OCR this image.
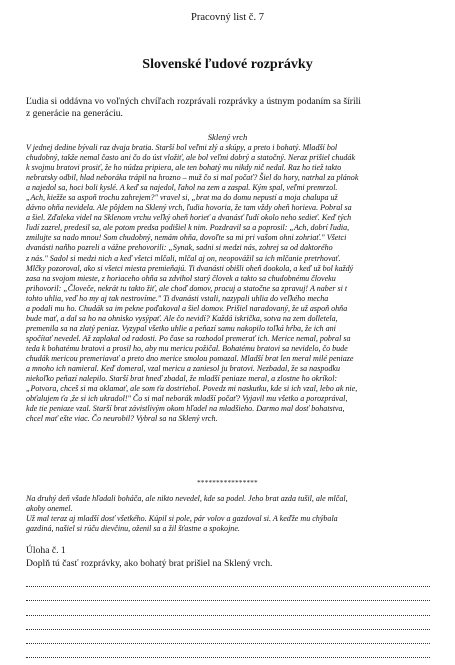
Pracovný list č. 7
Slovenské ľudové rozprávky
Ľudia si oddávna vo voľných chvíľach rozprávali rozprávky a ústnym podaním sa šírili
z generácie na generáciu.
Sklený vrch
V jednej dedine bývali raz dvaja bratia. Starší bol veľmi zlý a skúpy, a preto i bohatý. Mladší bol
chudobný, takže nemal často ani čo do úst vložiť, ale bol veľmi dobrý a statočný. Neraz prišiel chudák
k svojmu bratovi prosiť, že ho núdza pripiera, ale ten bohatý mu nikdy nič nedal. Raz ho tiež takto
nebratsky odbil, hlad neboráka trápil na hrozno – muž čo si mal počať? Šiel do hory, natrhal za plánok
a najedol sa, hoci boli kyslé. A keď sa najedol, ľahol na zem a zaspal. Kým spal, veľmi premrzol.
„Ach, kiežže sa aspoň trochu zahrejem?" vravel si, „brat ma do domu nepustí a moja chalupa už
dávno ohňa nevidela. Ale pôjdem na Sklený vrch, ľudia hovoria, že tam vždy oheň horieva. Pobral sa
a šiel. Zďaleka videl na Sklenom vrchu veľký oheň horieť a dvanásť ľudí okolo neho sedieť. Keď tých
ľudí zazrel, predesil sa, ale potom predsa podišiel k nim. Pozdravil sa a poprosil: „Ach, dobrí ľudia,
zmilujte sa nado mnou! Som chudobný, nemám ohňa, dovoľte sa mi pri vašom ohni zohriať." Všetci
dvanásti naňho pozreli a vážne prehovorili: „Synak, sadni si medzi nás, zohrej sa od daktorého
z nás." Sadol si medzi nich a keď všetci mlčali, mlčal aj on, neopovážil sa ich mlčanie pretrhovať.
Mlčky pozoroval, ako si všetci miesta premieňajú. Ti dvanásti obišli oheň dookola, a keď už bol každý
zasa na svojom mieste, z horiaceho ohňa sa zdvihol starý človek a takto sa chudobnému človeku
prihovoril: „Človeče, nekrát tu takto žiť, ale choď domov, pracuj a statočne sa zpravuj! A naber si t
tohto uhlia, veď ho my aj tak nestrovíme." Ti dvanásti vstali, nazypali uhlia do veľkého mecha
a podali mu ho. Chudák sa im pekne poďakoval a šiel domov. Prišiel naradovaný, že už aspoň ohňa
bude mať, a dal sa ho na ohnisko vysýpať. Ale čo nevidí? Každá iskrička, sotva na zem dolletela,
premenila sa na zlatý peniaz. Vyzypal všetko uhlie a peňazí samu nakopilo toľká hŕba, že ich ani
spočítať nevedel. Až zaplakal od radosti. Po čase sa rozhodol premerať ich. Merice nemal, pobral sa
teda k bohatému bratovi a prosil ho, aby mu mericu požičal. Bohatému bratovi sa nevidelo, čo bude
chudák mericou premeriavať a preto dno merice smolou pomazal. Mladší brat len meral milé peniaze
a mnoho ich namieral. Keď domeral, vzal mericu a zaniesol ju bratovi. Nezbadal, že sa naspodku
niekoľko peňazí nalepilo. Starší brat hneď zbadal, že mladší peniaze meral, a zlostne ho okríkol:
„Potvora, chceš si ma oklamať, ale som ťa dostriehol. Povedz mi naskutku, kde si ich vzal, lebo ak nie,
obťalujem ťa ,že si ich ukradol!" Čo si mal neborák mladší počať? Vyjavil mu všetko a porozprával,
kde tie peniaze vzal. Starší brat závistlivým okom hľadel na mladšieho. Darmo mal dosť bohatstva,
chcel mať ešte viac. Čo neurobil? Vybral sa na Sklený vrch.
****************
Na druhý deň všade hľadali boháča, ale nikto nevedel, kde sa podel. Jeho brat azda tušil, ale mlčal,
akoby onemel.
Už mal teraz aj mladší dosť všetkého. Kúpil si pole, pár volov a gazdoval si. A keďže mu chýbala
gazdiná, našiel si rúču dievčinu, oženil sa a žil šťastne a spokojne.
Úloha č. 1
Doplň tú časť rozprávky, ako bohatý brat prišiel na Sklený vrch.
